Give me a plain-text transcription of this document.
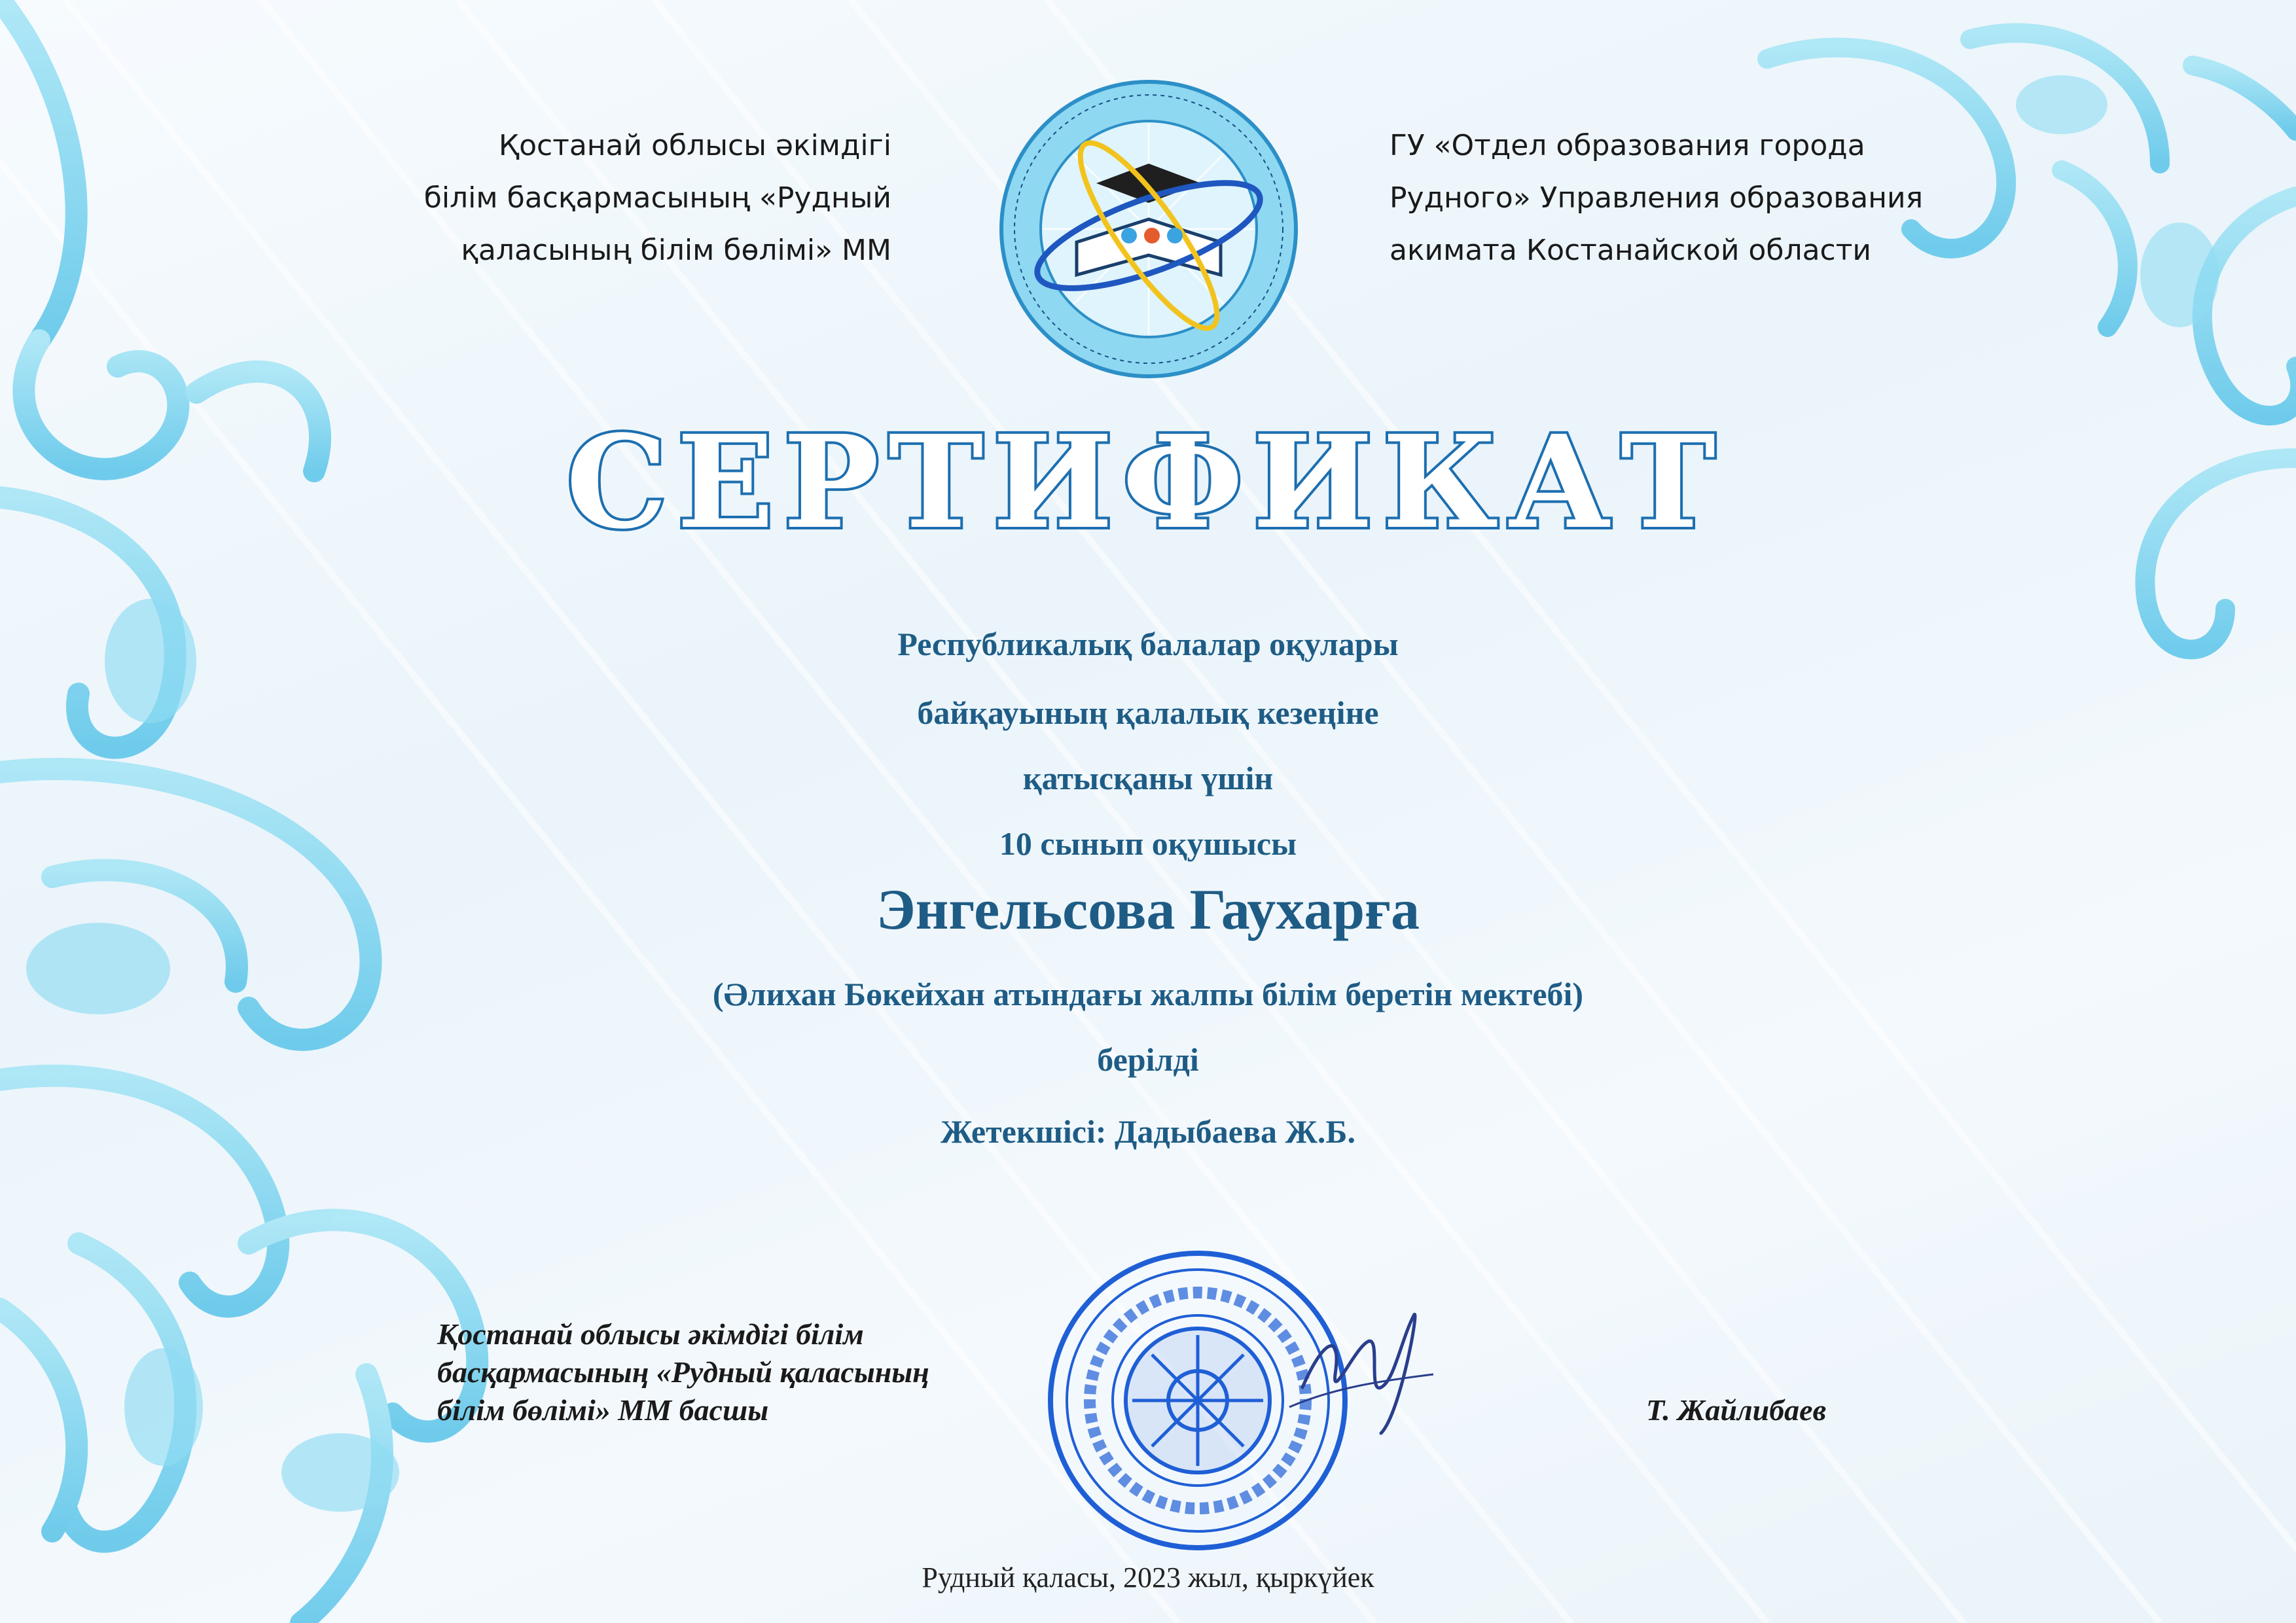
Қостанай облысы әкімдігі
білім басқармасының «Рудный
қаласының білім бөлімі» ММ
ГУ «Отдел образования города
Рудного» Управления образования
акимата Костанайской области
СЕРТИФИКАТ
Республикалық балалар оқулары
байқауының қалалық кезеңіне
қатысқаны үшін
10 сынып оқушысы
Энгельсова Гаухарға
(Әлихан Бөкейхан атындағы жалпы білім беретін мектебі)
берілді
Жетекшісі: Дадыбаева Ж.Б.
Қостанай облысы әкімдігі білім
басқармасының «Рудный қаласының
білім бөлімі» ММ басшы	Т. Жайлибаев
Рудный қаласы, 2023 жыл, қыркүйек
